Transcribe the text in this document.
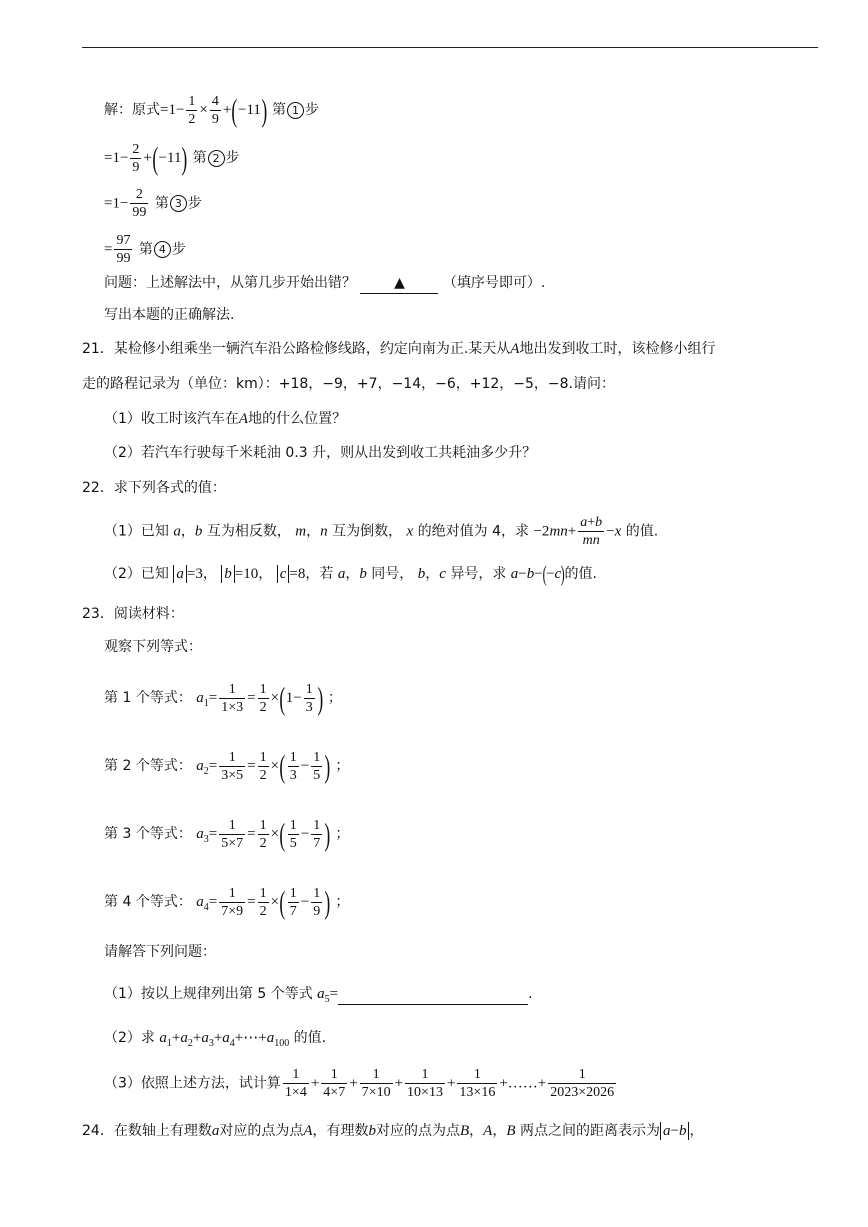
解：原式$=1- \frac{1}{2} \times \frac{4}{9} +(-11)$ 第 1 步
$=1- \frac{2}{9} +(-11)$ 第 2 步
$=1- \frac{2}{99}$ 第 3 步
= $\frac{97}{99}$ 第 4 步
问题：上述解法中，从第几步开始出错？	▲	（填序号即可）.
写出本题的正确解法.
21．某检修小组乘坐一辆汽车沿公路检修线路，约定向南为正.某天从A地出发到收工时，该检修小组行
走的路程记录为（单位：km）：+18，−9，+7，−14，−6，+12，−5，−8.请问：
（1）收工时该汽车在A地的什么位置？
（2）若汽车行驶每千米耗油 0.3 升，则从出发到收工共耗油多少升？
22．求下列各式的值：
（1）已知 a，b 互为相反数， m，n 互为倒数， x 的绝对值为 4，求 $-2mn+ \frac{a+b}{mn} -x$ 的值.
（2）已知 a =3， b =10， c =8，若 a，b 同号， b，c 异号，求 a−b−(−c)的值.
23．阅读材料：
观察下列等式：
第 1 个等式： $a_1= \frac{1}{1\times 3} = \frac{1}{2} \times(1- \frac{1}{3}$ ) ；
第 2 个等式： $a_2= \frac{1}{3\times 5} = \frac{1}{2}$ ×( $\frac{1}{3} - \frac{1}{5}$ ) ；
第 3 个等式： $a_3= \frac{1}{5\times 7} = \frac{1}{2}$ ×( $\frac{1}{5} - \frac{1}{7}$ ) ；
第 4 个等式： $a_4= \frac{1}{7\times 9} = \frac{1}{2}$ ×( $\frac{1}{7} - \frac{1}{9}$ ) ；
请解答下列问题：
（1）按以上规律列出第 5 个等式 $a_5=$	.
（2）求 $a_1+a_2+a_3+a_4+\cdots+a_{100}$ 的值.
（3）依照上述方法，试计算 $\frac{1}{1\times 4} + \frac{1}{4\times 7} + \frac{1}{7\times 10} + \frac{1}{10\times 13} + \frac{1}{13\times 16}$ +……+ $\frac{1}{2023\times 2026}$
24．在数轴上有理数a对应的点为点A，有理数b对应的点为点B，A，B 两点之间的距离表示为 a−b ，
